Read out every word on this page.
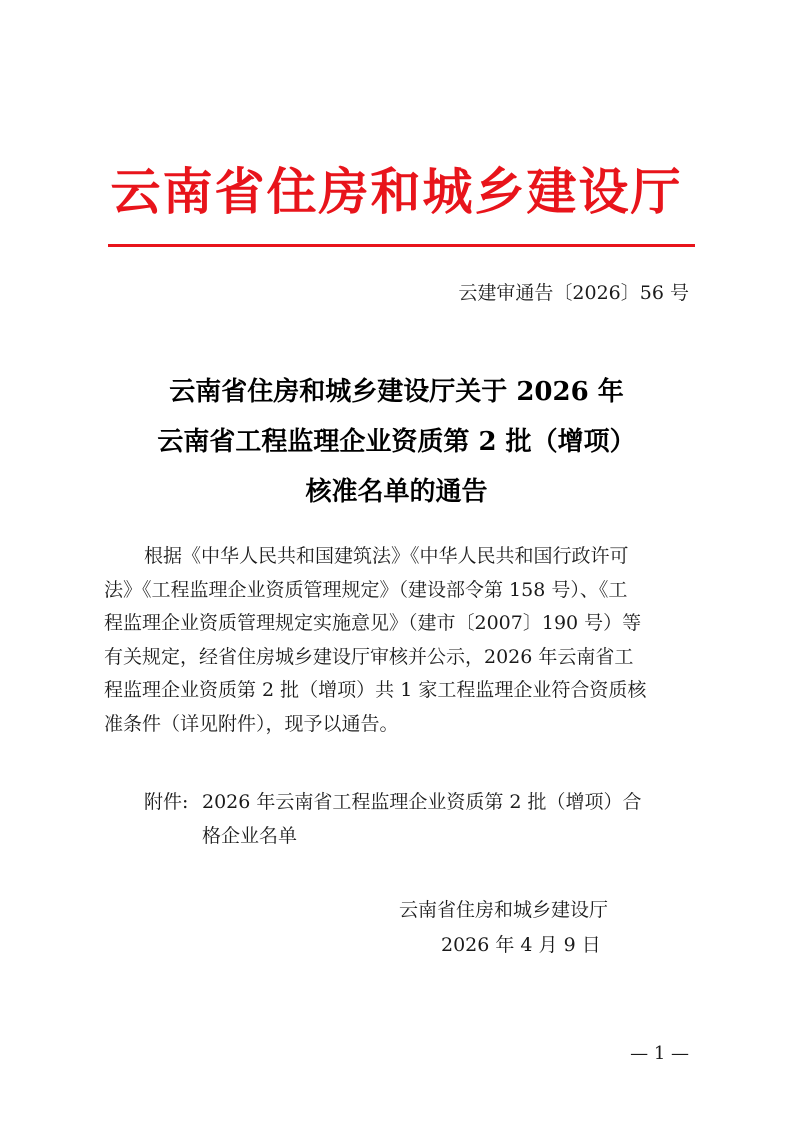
云南省住房和城乡建设厅

云建审通告〔2026〕56 号

云南省住房和城乡建设厅关于 2026 年
云南省工程监理企业资质第 2 批（增项）
核准名单的通告
根据《中华人民共和国建筑法》《中华人民共和国行政许可
法》《工程监理企业资质管理规定》（建设部令第 158 号）、《工
程监理企业资质管理规定实施意见》（建市〔2007〕190 号）等
有关规定，经省住房城乡建设厅审核并公示，2026 年云南省工
程监理企业资质第 2 批（增项）共 1 家工程监理企业符合资质核
准条件（详见附件），现予以通告。
附件: 2026 年云南省工程监理企业资质第 2 批（增项）合
格企业名单
云南省住房和城乡建设厅
2026 年 4 月 9 日
— 1 —
